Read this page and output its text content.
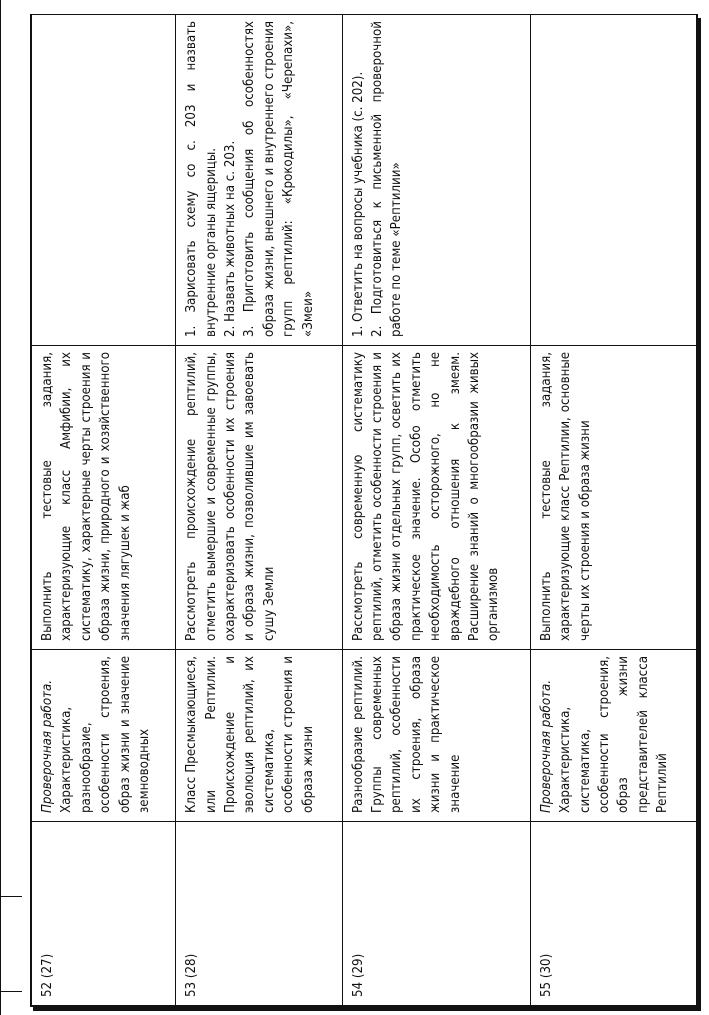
52 (27)	Проверочная работа. Характеристика, разнообразие, особенности строения, образ жизни и значение земноводных	Выполнить тестовые задания, характеризующие класс Амфибии, их систематику, характерные черты строения и образа жизни, природного и хозяйственного значения лягушек и жаб	
53 (28)	Класс Пресмыкающиеся, или Рептилии. Происхождение и эволюция рептилий, их систематика, особенности строения и образа жизни	Рассмотреть происхождение рептилий, отметить вымершие и современные группы, охарактеризовать особенности их строения и образа жизни, позволившие им завоевать сушу Земли	1. Зарисовать схему со с. 203 и назвать внутренние органы ящерицы. 2. Назвать животных на с. 203. 3. Приготовить сообщения об особенностях образа жизни, внешнего и внутреннего строения групп рептилий: «Крокодилы», «Черепахи», «Змеи»

54 (29)	Разнообразие рептилий. Группы современных рептилий, особенности их строения, образа жизни и практическое значение	Рассмотреть современную систематику рептилий, отметить особенности строения и образа жизни отдельных групп, осветить их практическое значение. Особо отметить необходимость осторожного, но не враждебного отношения к змеям. Расширение знаний о многообразии живых организмов	1. Ответить на вопросы учебника (с. 202). 2. Подготовиться к письменной проверочной работе по теме «Рептилии»

55 (30)	Проверочная работа. Характеристика, систематика, особенности строения, образ жизни представителей класса Рептилий	Выполнить тестовые задания, характеризующие класс Рептилии, основные черты их строения и образа жизни	
